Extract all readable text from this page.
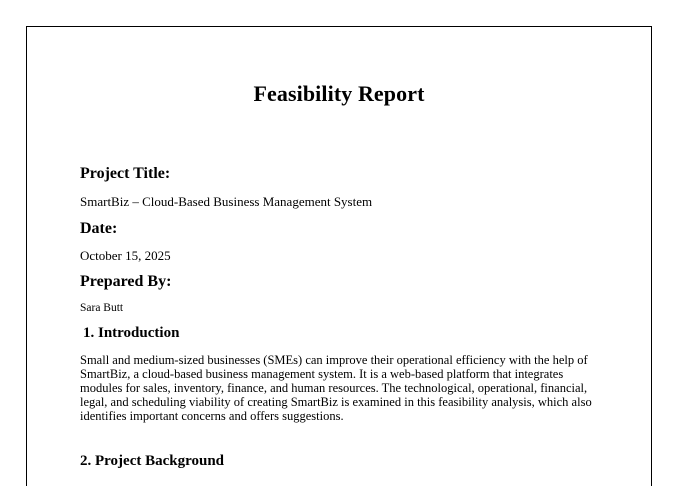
Feasibility Report
Project Title:
SmartBiz – Cloud-Based Business Management System
Date:
October 15, 2025
Prepared By:
Sara Butt
1. Introduction
Small and medium-sized businesses (SMEs) can improve their operational efficiency with the help of SmartBiz, a cloud-based business management system. It is a web-based platform that integrates modules for sales, inventory, finance, and human resources. The technological, operational, financial, legal, and scheduling viability of creating SmartBiz is examined in this feasibility analysis, which also identifies important concerns and offers suggestions.
2. Project Background
